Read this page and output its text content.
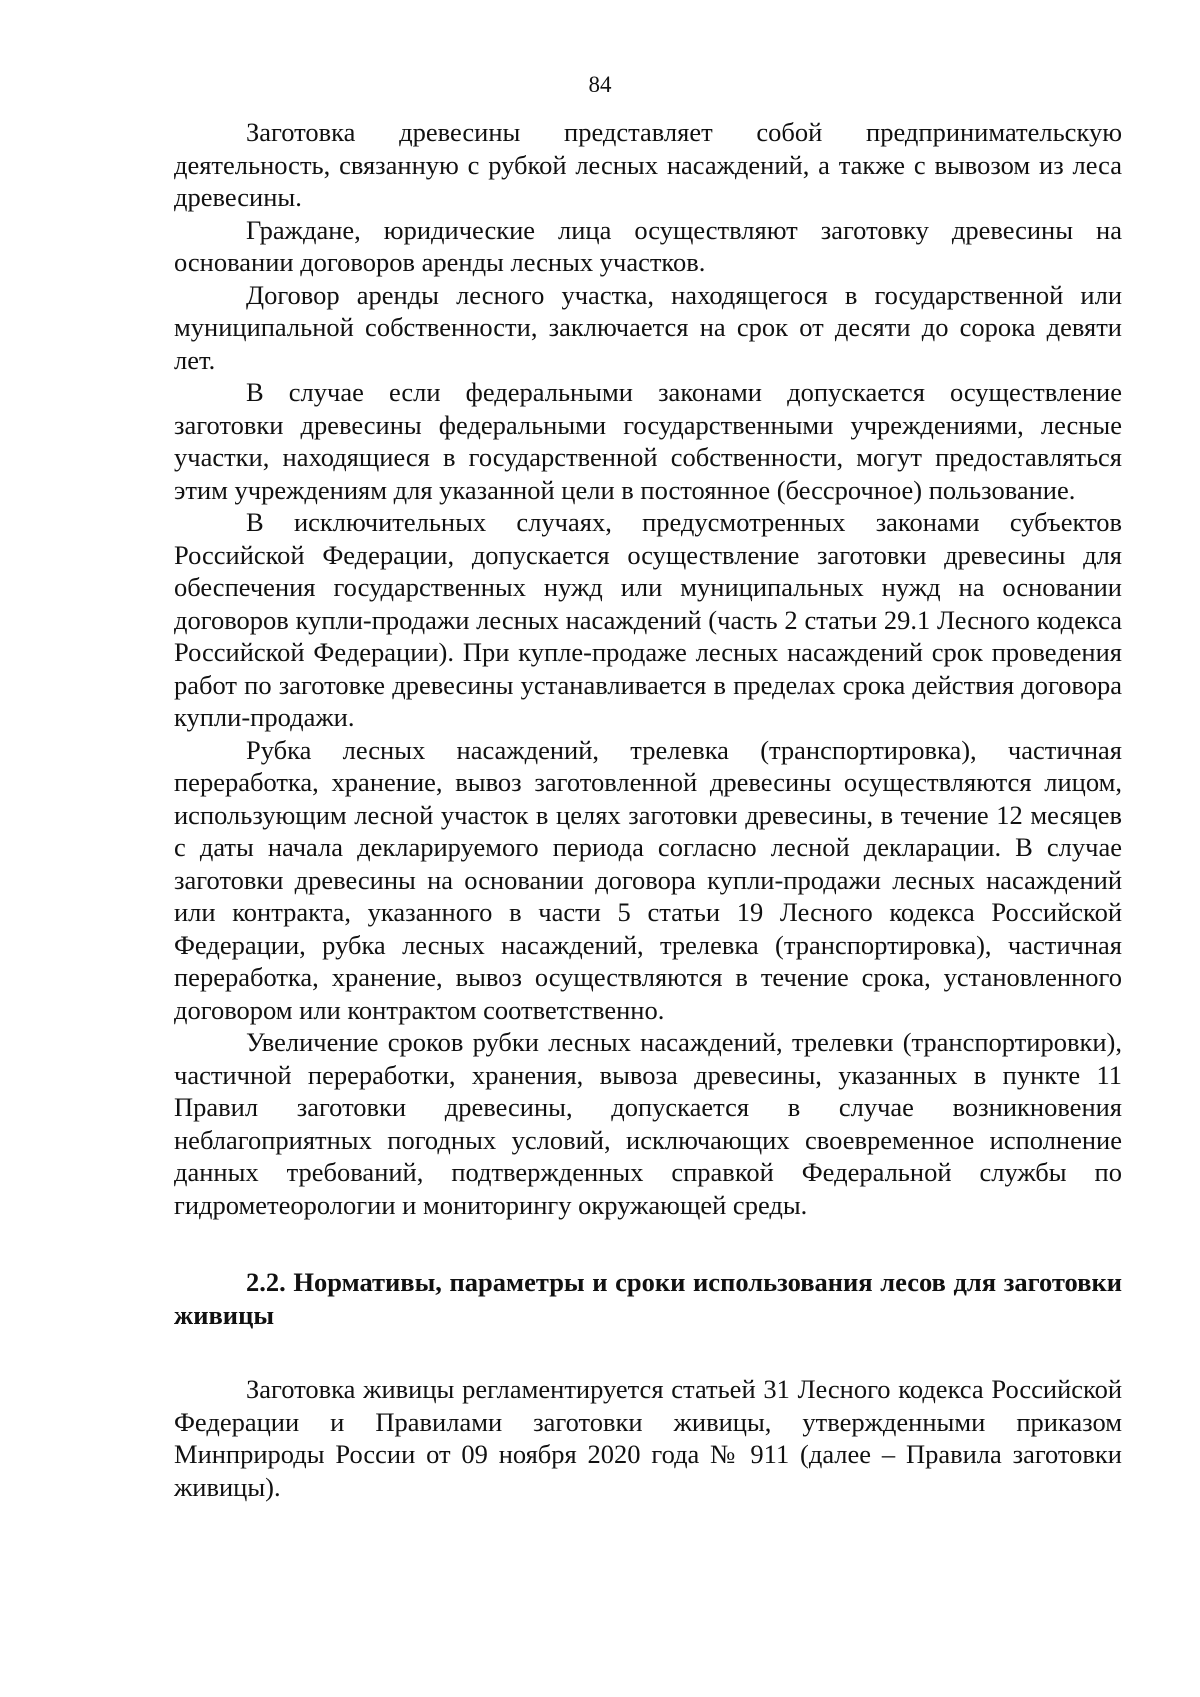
84

Заготовка древесины представляет собой предпринимательскую деятельность, связанную с рубкой лесных насаждений, а также с вывозом из леса древесины.

Граждане, юридические лица осуществляют заготовку древесины на основании договоров аренды лесных участков.

Договор аренды лесного участка, находящегося в государственной или муниципальной собственности, заключается на срок от десяти до сорока девяти лет.

В случае если федеральными законами допускается осуществление заготовки древесины федеральными государственными учреждениями, лесные участки, находящиеся в государственной собственности, могут предоставляться этим учреждениям для указанной цели в постоянное (бессрочное) пользование.

В исключительных случаях, предусмотренных законами субъектов Российской Федерации, допускается осуществление заготовки древесины для обеспечения государственных нужд или муниципальных нужд на основании договоров купли-продажи лесных насаждений (часть 2 статьи 29.1 Лесного кодекса Российской Федерации). При купле-продаже лесных насаждений срок проведения работ по заготовке древесины устанавливается в пределах срока действия договора купли-продажи.

Рубка лесных насаждений, трелевка (транспортировка), частичная переработка, хранение, вывоз заготовленной древесины осуществляются лицом, использующим лесной участок в целях заготовки древесины, в течение 12 месяцев с даты начала декларируемого периода согласно лесной декларации. В случае заготовки древесины на основании договора купли-продажи лесных насаждений или контракта, указанного в части 5 статьи 19 Лесного кодекса Российской Федерации, рубка лесных насаждений, трелевка (транспортировка), частичная переработка, хранение, вывоз осуществляются в течение срока, установленного договором или контрактом соответственно.

Увеличение сроков рубки лесных насаждений, трелевки (транспортировки), частичной переработки, хранения, вывоза древесины, указанных в пункте 11 Правил заготовки древесины, допускается в случае возникновения неблагоприятных погодных условий, исключающих своевременное исполнение данных требований, подтвержденных справкой Федеральной службы по гидрометеорологии и мониторингу окружающей среды.

2.2. Нормативы, параметры и сроки использования лесов для заготовки живицы

Заготовка живицы регламентируется статьей 31 Лесного кодекса Российской Федерации и Правилами заготовки живицы, утвержденными приказом Минприроды России от 09 ноября 2020 года № 911 (далее – Правила заготовки живицы).
